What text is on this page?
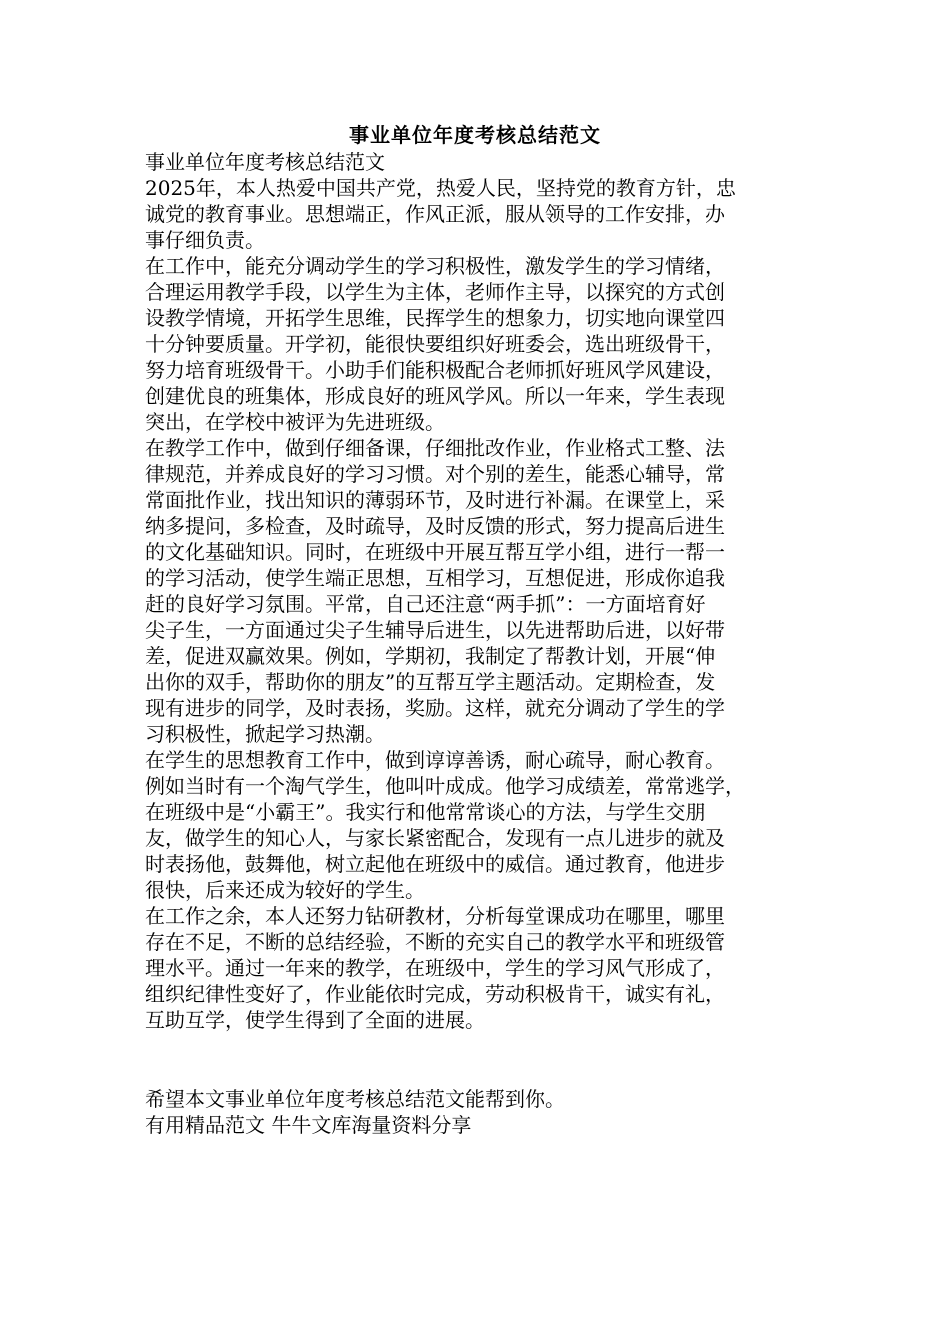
事业单位年度考核总结范文
事业单位年度考核总结范文
2025年，本人热爱中国共产党，热爱人民，坚持党的教育方针，忠
诚党的教育事业。思想端正，作风正派，服从领导的工作安排，办
事仔细负责。
在工作中，能充分调动学生的学习积极性，激发学生的学习情绪，
合理运用教学手段，以学生为主体，老师作主导，以探究的方式创
设教学情境，开拓学生思维，民挥学生的想象力，切实地向课堂四
十分钟要质量。开学初，能很快要组织好班委会，选出班级骨干，
努力培育班级骨干。小助手们能积极配合老师抓好班风学风建设，
创建优良的班集体，形成良好的班风学风。所以一年来，学生表现
突出，在学校中被评为先进班级。
在教学工作中，做到仔细备课，仔细批改作业，作业格式工整、法
律规范，并养成良好的学习习惯。对个别的差生，能悉心辅导，常
常面批作业，找出知识的薄弱环节，及时进行补漏。在课堂上，采
纳多提问，多检查，及时疏导，及时反馈的形式，努力提高后进生
的文化基础知识。同时，在班级中开展互帮互学小组，进行一帮一
的学习活动，使学生端正思想，互相学习，互想促进，形成你追我
赶的良好学习氛围。平常，自己还注意“两手抓”：一方面培育好
尖子生，一方面通过尖子生辅导后进生，以先进帮助后进，以好带
差，促进双赢效果。例如，学期初，我制定了帮教计划，开展“伸
出你的双手，帮助你的朋友”的互帮互学主题活动。定期检查，发
现有进步的同学，及时表扬，奖励。这样，就充分调动了学生的学
习积极性，掀起学习热潮。
在学生的思想教育工作中，做到谆谆善诱，耐心疏导，耐心教育。
例如当时有一个淘气学生，他叫叶成成。他学习成绩差，常常逃学，
在班级中是“小霸王”。我实行和他常常谈心的方法，与学生交朋
友，做学生的知心人，与家长紧密配合，发现有一点儿进步的就及
时表扬他，鼓舞他，树立起他在班级中的威信。通过教育，他进步
很快，后来还成为较好的学生。
在工作之余，本人还努力钻研教材，分析每堂课成功在哪里，哪里
存在不足，不断的总结经验，不断的充实自己的教学水平和班级管
理水平。通过一年来的教学，在班级中，学生的学习风气形成了，
组织纪律性变好了，作业能依时完成，劳动积极肯干，诚实有礼，
互助互学，使学生得到了全面的进展。
希望本文事业单位年度考核总结范文能帮到你。
有用精品范文 牛牛文库海量资料分享
